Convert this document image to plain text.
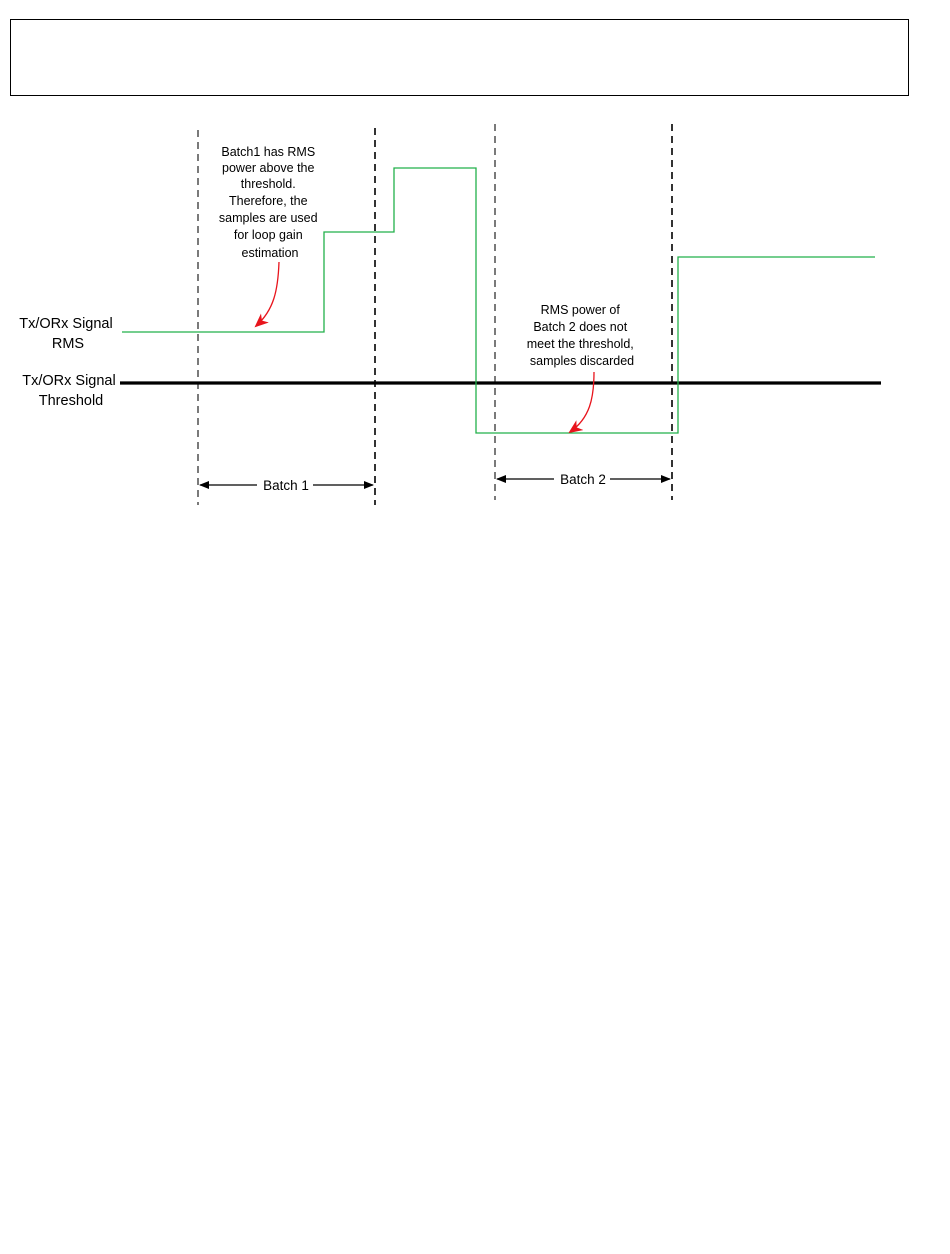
Tx/ORx Signal RMS
Tx/ORx Signal Threshold
Batch1 has RMS power above the threshold. Therefore, the samples are used for loop gain estimation
RMS power of Batch 2 does not meet the threshold, samples discarded
Batch 1	Batch 2
